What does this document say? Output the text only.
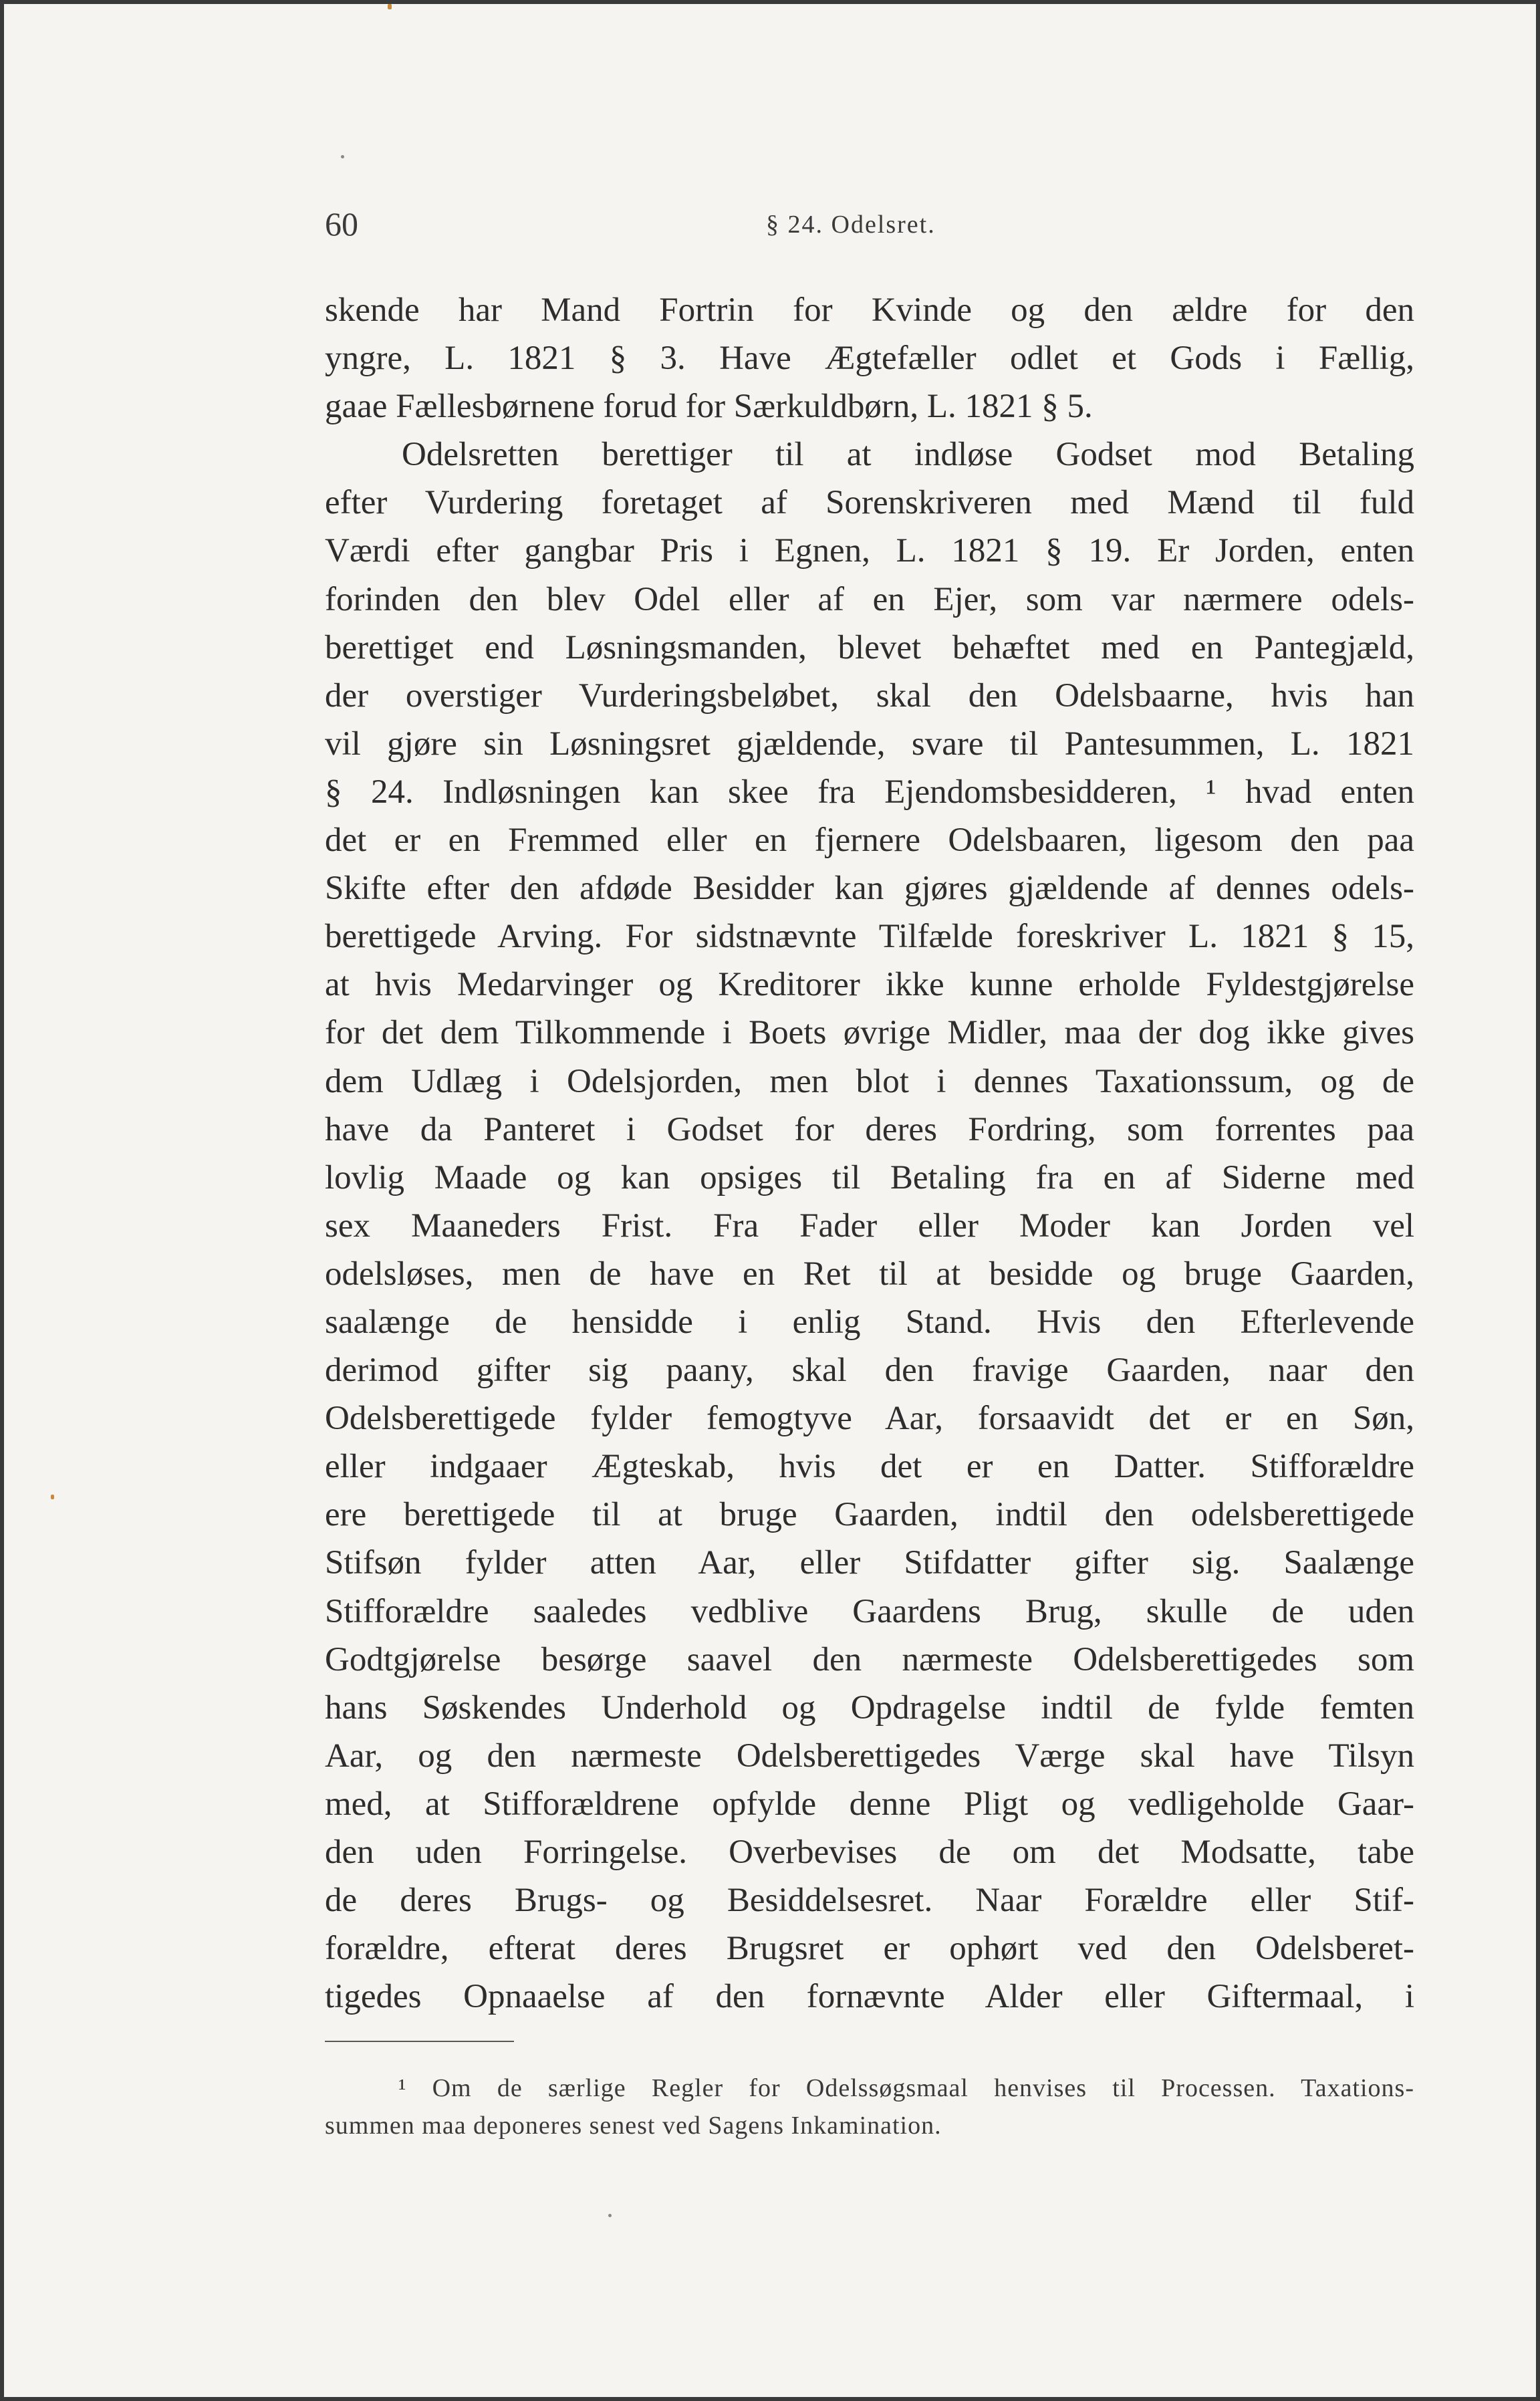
60	§ 24. Odelsret.
skende har Mand Fortrin for Kvinde og den ældre for den
yngre, L. 1821 § 3. Have Ægtefæller odlet et Gods i Fællig,
gaae Fællesbørnene forud for Særkuldbørn, L. 1821 § 5.
Odelsretten berettiger til at indløse Godset mod Betaling
efter Vurdering foretaget af Sorenskriveren med Mænd til fuld
Værdi efter gangbar Pris i Egnen, L. 1821 § 19. Er Jorden, enten
forinden den blev Odel eller af en Ejer, som var nærmere odels-
berettiget end Løsningsmanden, blevet behæftet med en Pantegjæld,
der overstiger Vurderingsbeløbet, skal den Odelsbaarne, hvis han
vil gjøre sin Løsningsret gjældende, svare til Pantesummen, L. 1821
§ 24. Indløsningen kan skee fra Ejendomsbesidderen, ¹ hvad enten
det er en Fremmed eller en fjernere Odelsbaaren, ligesom den paa
Skifte efter den afdøde Besidder kan gjøres gjældende af dennes odels-
berettigede Arving. For sidstnævnte Tilfælde foreskriver L. 1821 § 15,
at hvis Medarvinger og Kreditorer ikke kunne erholde Fyldestgjørelse
for det dem Tilkommende i Boets øvrige Midler, maa der dog ikke gives
dem Udlæg i Odelsjorden, men blot i dennes Taxationssum, og de
have da Panteret i Godset for deres Fordring, som forrentes paa
lovlig Maade og kan opsiges til Betaling fra en af Siderne med
sex Maaneders Frist. Fra Fader eller Moder kan Jorden vel
odelsløses, men de have en Ret til at besidde og bruge Gaarden,
saalænge de hensidde i enlig Stand. Hvis den Efterlevende
derimod gifter sig paany, skal den fravige Gaarden, naar den
Odelsberettigede fylder femogtyve Aar, forsaavidt det er en Søn,
eller indgaaer Ægteskab, hvis det er en Datter. Stifforældre
ere berettigede til at bruge Gaarden, indtil den odelsberettigede
Stifsøn fylder atten Aar, eller Stifdatter gifter sig. Saalænge
Stifforældre saaledes vedblive Gaardens Brug, skulle de uden
Godtgjørelse besørge saavel den nærmeste Odelsberettigedes som
hans Søskendes Underhold og Opdragelse indtil de fylde femten
Aar, og den nærmeste Odelsberettigedes Værge skal have Tilsyn
med, at Stifforældrene opfylde denne Pligt og vedligeholde Gaar-
den uden Forringelse. Overbevises de om det Modsatte, tabe
de deres Brugs- og Besiddelsesret. Naar Forældre eller Stif-
forældre, efterat deres Brugsret er ophørt ved den Odelsberet-
tigedes Opnaaelse af den fornævnte Alder eller Giftermaal, i
¹ Om de særlige Regler for Odelssøgsmaal henvises til Processen. Taxations-
summen maa deponeres senest ved Sagens Inkamination.
